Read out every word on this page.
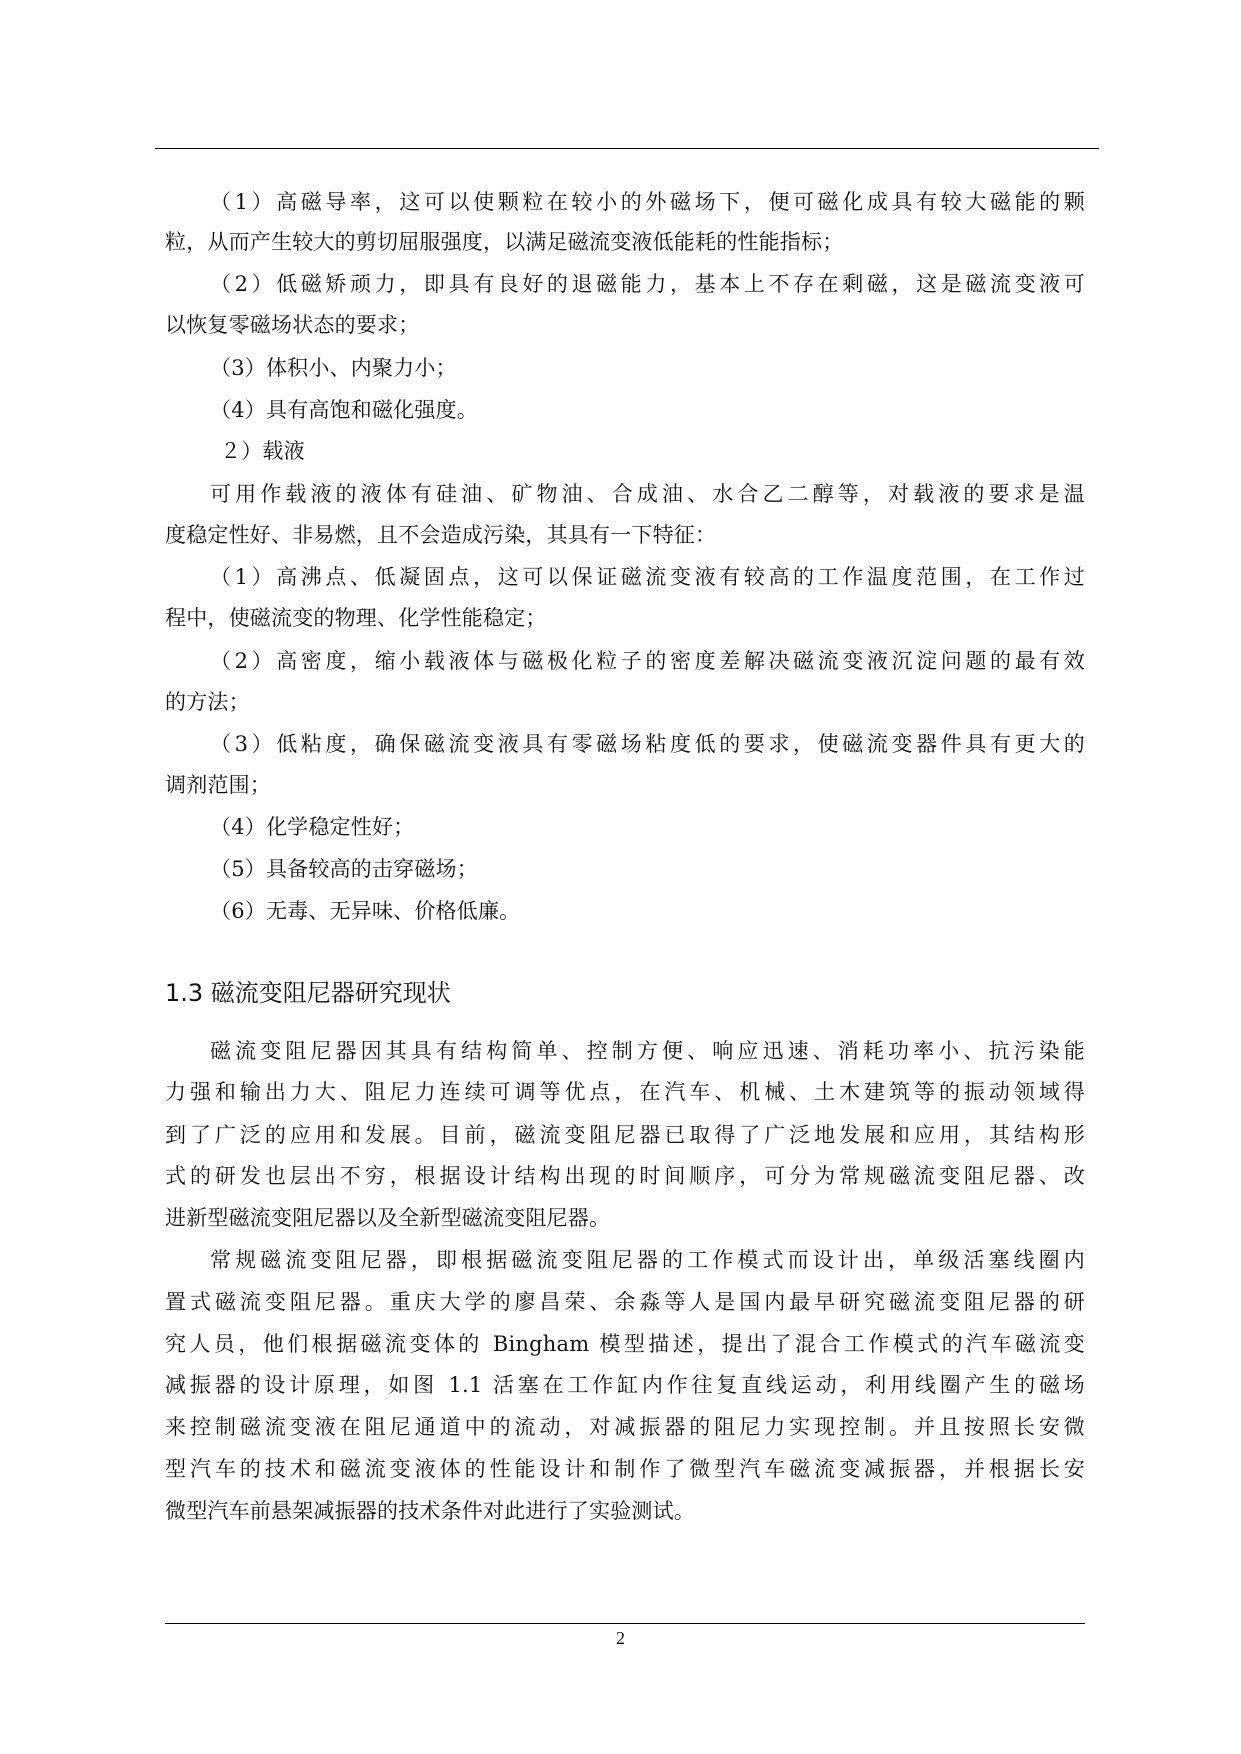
（1）高磁导率，这可以使颗粒在较小的外磁场下，便可磁化成具有较大磁能的颗
粒，从而产生较大的剪切屈服强度，以满足磁流变液低能耗的性能指标；
（2）低磁矫顽力，即具有良好的退磁能力，基本上不存在剩磁，这是磁流变液可
以恢复零磁场状态的要求；
（3）体积小、内聚力小；
（4）具有高饱和磁化强度。
２）载液
可用作载液的液体有硅油、矿物油、合成油、水合乙二醇等，对载液的要求是温
度稳定性好、非易燃，且不会造成污染，其具有一下特征：
（1）高沸点、低凝固点，这可以保证磁流变液有较高的工作温度范围，在工作过
程中，使磁流变的物理、化学性能稳定；
（2）高密度，缩小载液体与磁极化粒子的密度差解决磁流变液沉淀问题的最有效
的方法；
（3）低粘度，确保磁流变液具有零磁场粘度低的要求，使磁流变器件具有更大的
调剂范围；
（4）化学稳定性好；
（5）具备较高的击穿磁场；
（6）无毒、无异味、价格低廉。
1.3 磁流变阻尼器研究现状
磁流变阻尼器因其具有结构简单、控制方便、响应迅速、消耗功率小、抗污染能
力强和输出力大、阻尼力连续可调等优点，在汽车、机械、土木建筑等的振动领域得
到了广泛的应用和发展。目前，磁流变阻尼器已取得了广泛地发展和应用，其结构形
式的研发也层出不穷，根据设计结构出现的时间顺序，可分为常规磁流变阻尼器、改
进新型磁流变阻尼器以及全新型磁流变阻尼器。
常规磁流变阻尼器，即根据磁流变阻尼器的工作模式而设计出，单级活塞线圈内
置式磁流变阻尼器。重庆大学的廖昌荣、余淼等人是国内最早研究磁流变阻尼器的研
究人员，他们根据磁流变体的 Bingham 模型描述，提出了混合工作模式的汽车磁流变
减振器的设计原理，如图 1.1 活塞在工作缸内作往复直线运动，利用线圈产生的磁场
来控制磁流变液在阻尼通道中的流动，对减振器的阻尼力实现控制。并且按照长安微
型汽车的技术和磁流变液体的性能设计和制作了微型汽车磁流变减振器，并根据长安
微型汽车前悬架减振器的技术条件对此进行了实验测试。
2
